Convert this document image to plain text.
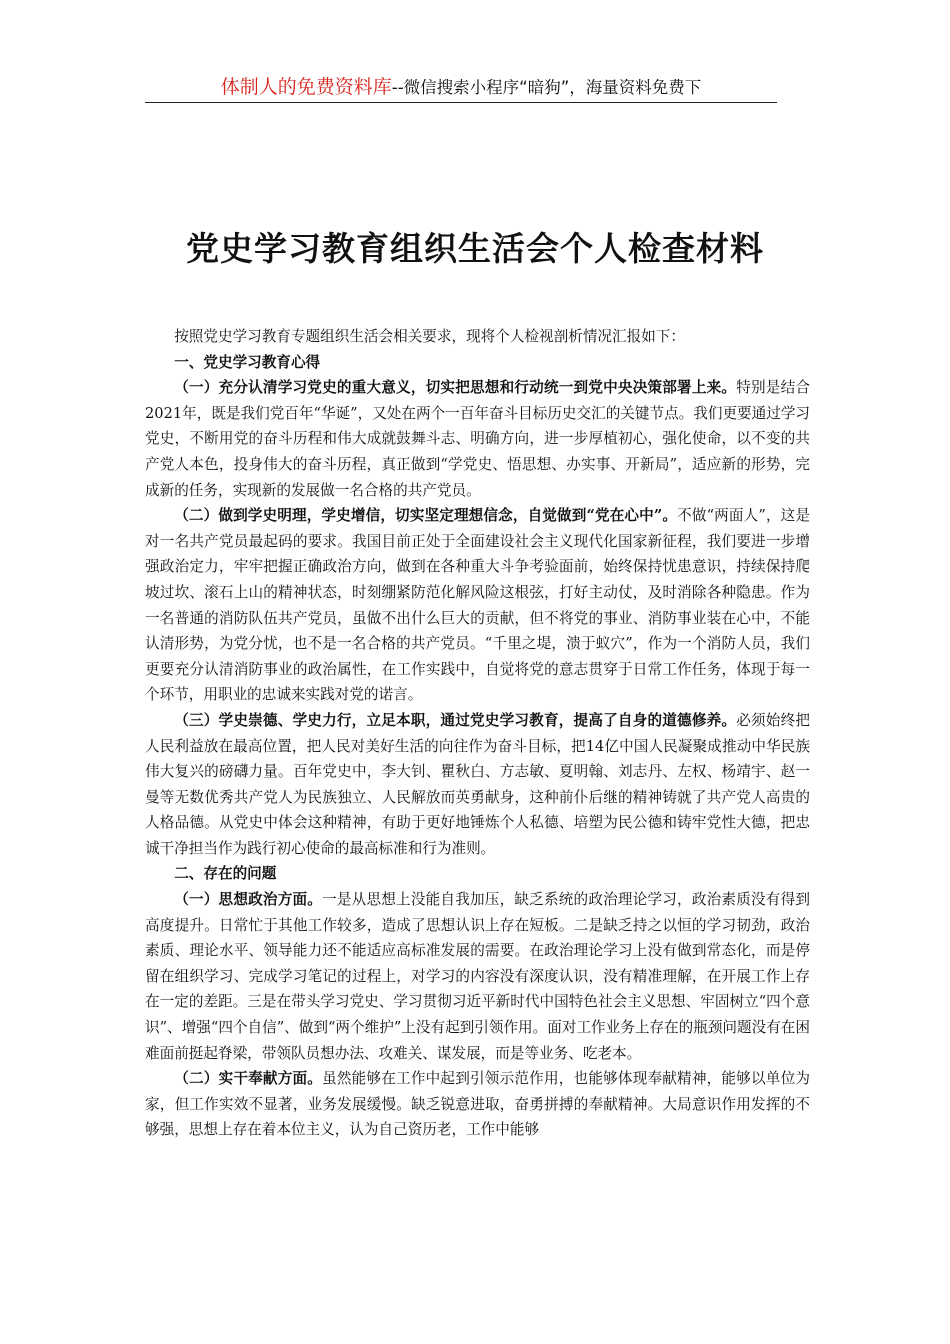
体制人的免费资料库--微信搜索小程序“暗狗”，海量资料免费下
党史学习教育组织生活会个人检查材料

按照党史学习教育专题组织生活会相关要求，现将个人检视剖析情况汇报如下：

一、党史学习教育心得

（一）充分认清学习党史的重大意义，切实把思想和行动统一到党中央决策部署上来。特别是结合2021年，既是我们党百年“华诞”，又处在两个一百年奋斗目标历史交汇的关键节点。我们更要通过学习党史，不断用党的奋斗历程和伟大成就鼓舞斗志、明确方向，进一步厚植初心，强化使命，以不变的共产党人本色，投身伟大的奋斗历程，真正做到“学党史、悟思想、办实事、开新局”，适应新的形势，完成新的任务，实现新的发展做一名合格的共产党员。

（二）做到学史明理，学史增信，切实坚定理想信念，自觉做到“党在心中”。不做“两面人”，这是对一名共产党员最起码的要求。我国目前正处于全面建设社会主义现代化国家新征程，我们要进一步增强政治定力，牢牢把握正确政治方向，做到在各种重大斗争考验面前，始终保持忧患意识，持续保持爬坡过坎、滚石上山的精神状态，时刻绷紧防范化解风险这根弦，打好主动仗，及时消除各种隐患。作为一名普通的消防队伍共产党员，虽做不出什么巨大的贡献，但不将党的事业、消防事业装在心中，不能认清形势，为党分忧，也不是一名合格的共产党员。“千里之堤，溃于蚁穴”，作为一个消防人员，我们更要充分认清消防事业的政治属性，在工作实践中，自觉将党的意志贯穿于日常工作任务，体现于每一个环节，用职业的忠诚来实践对党的诺言。

（三）学史崇德、学史力行，立足本职，通过党史学习教育，提高了自身的道德修养。必须始终把人民利益放在最高位置，把人民对美好生活的向往作为奋斗目标，把14亿中国人民凝聚成推动中华民族伟大复兴的磅礴力量。百年党史中，李大钊、瞿秋白、方志敏、夏明翰、刘志丹、左权、杨靖宇、赵一曼等无数优秀共产党人为民族独立、人民解放而英勇献身，这种前仆后继的精神铸就了共产党人高贵的人格品德。从党史中体会这种精神，有助于更好地锤炼个人私德、培塑为民公德和铸牢党性大德，把忠诚干净担当作为践行初心使命的最高标准和行为准则。

二、存在的问题

（一）思想政治方面。一是从思想上没能自我加压，缺乏系统的政治理论学习，政治素质没有得到高度提升。日常忙于其他工作较多，造成了思想认识上存在短板。二是缺乏持之以恒的学习韧劲，政治素质、理论水平、领导能力还不能适应高标准发展的需要。在政治理论学习上没有做到常态化，而是停留在组织学习、完成学习笔记的过程上，对学习的内容没有深度认识，没有精准理解，在开展工作上存在一定的差距。三是在带头学习党史、学习贯彻习近平新时代中国特色社会主义思想、牢固树立“四个意识”、增强“四个自信”、做到“两个维护”上没有起到引领作用。面对工作业务上存在的瓶颈问题没有在困难面前挺起脊梁，带领队员想办法、攻难关、谋发展，而是等业务、吃老本。

（二）实干奉献方面。虽然能够在工作中起到引领示范作用，也能够体现奉献精神，能够以单位为家，但工作实效不显著，业务发展缓慢。缺乏锐意进取，奋勇拼搏的奉献精神。大局意识作用发挥的不够强，思想上存在着本位主义，认为自己资历老，工作中能够
